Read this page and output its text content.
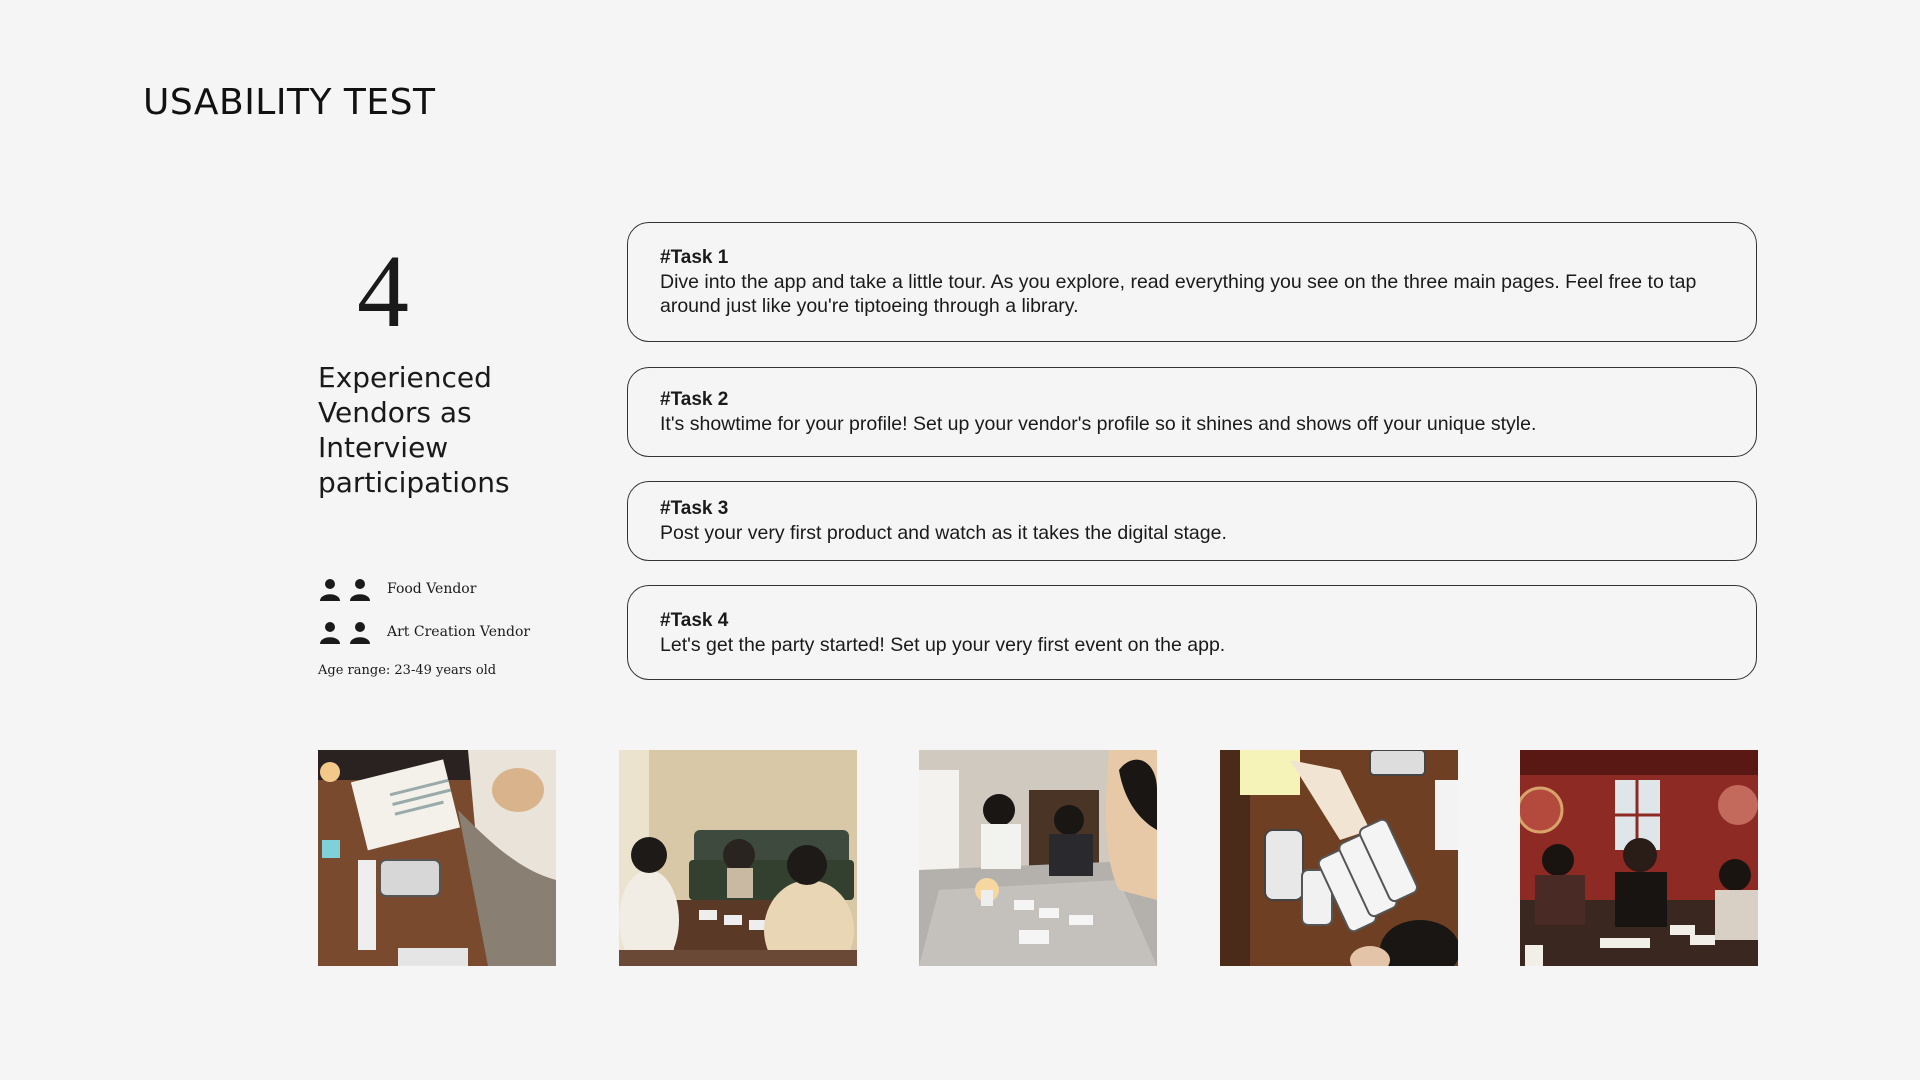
USABILITY TEST
4
Experienced Vendors as Interview participations
Food Vendor
Art Creation Vendor
Age range: 23-49 years old
#Task 1
Dive into the app and take a little tour. As you explore, read everything you see on the three main pages. Feel free to tap around just like you're tiptoeing through a library.
#Task 2
It's showtime for your profile! Set up your vendor's profile so it shines and shows off your unique style.
#Task 3
Post your very first product and watch as it takes the digital stage.
#Task 4
Let's get the party started! Set up your very first event on the app.
